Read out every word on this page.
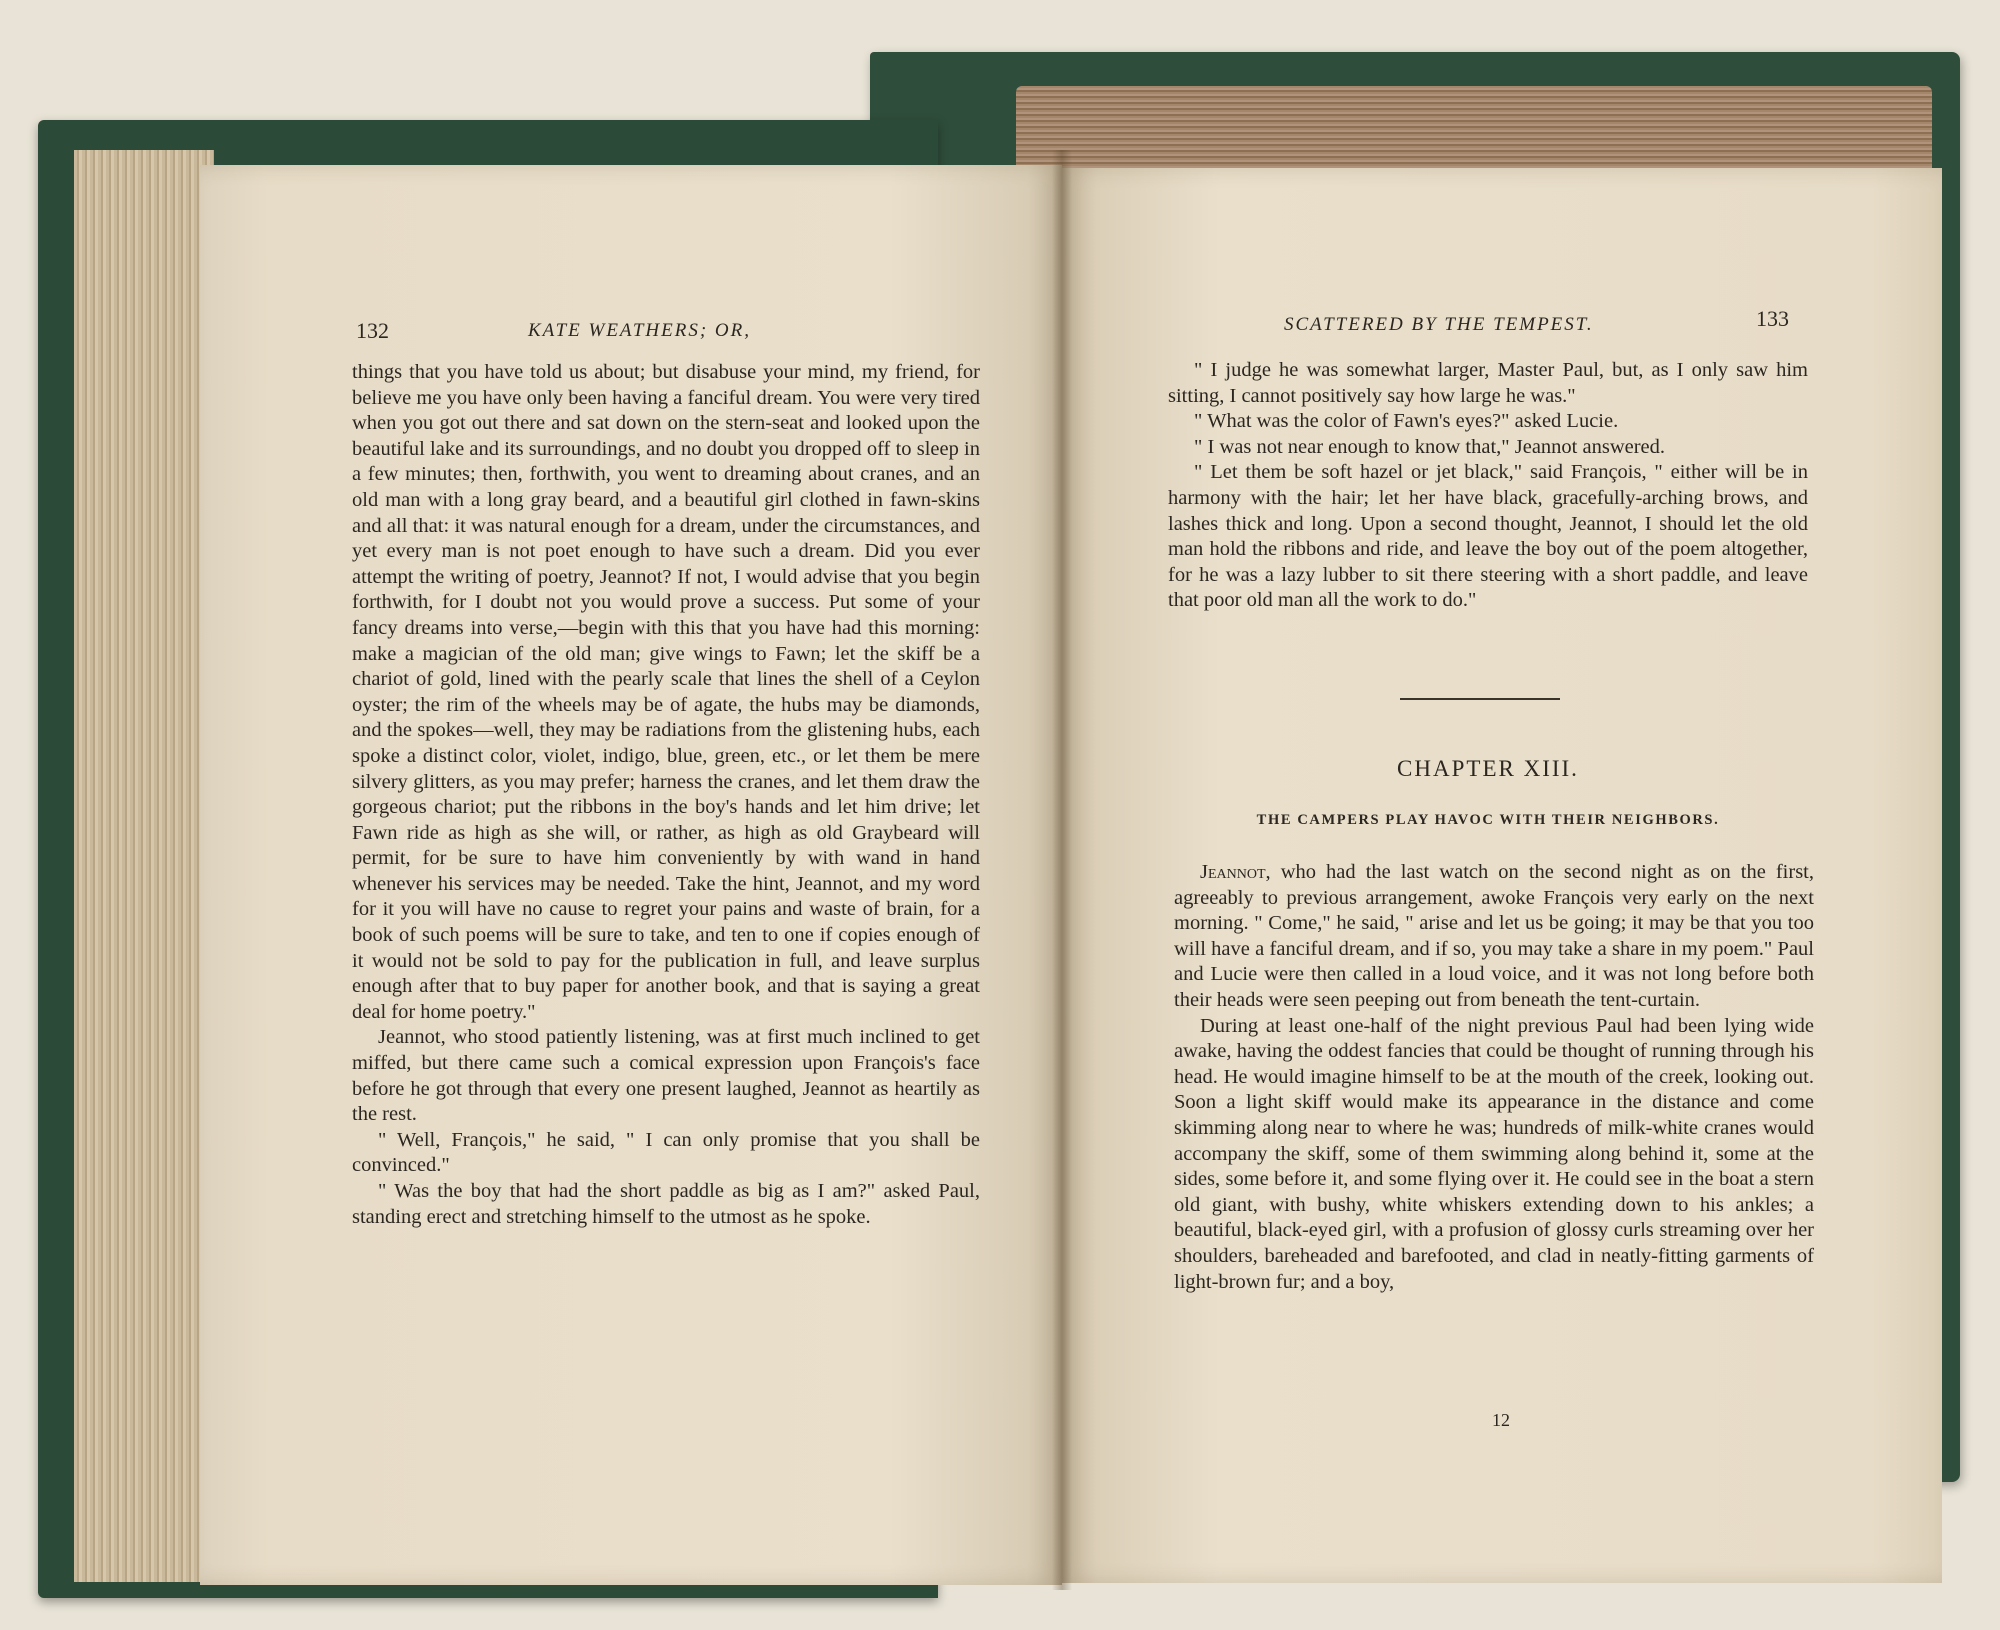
132	KATE WEATHERS; OR,

things that you have told us about; but disabuse your mind, my friend, for believe me you have only been having a fanciful dream. You were very tired when you got out there and sat down on the stern-seat and looked upon the beautiful lake and its surroundings, and no doubt you dropped off to sleep in a few minutes; then, forthwith, you went to dreaming about cranes, and an old man with a long gray beard, and a beautiful girl clothed in fawn-skins and all that: it was natural enough for a dream, under the circumstances, and yet every man is not poet enough to have such a dream. Did you ever attempt the writing of poetry, Jeannot? If not, I would advise that you begin forthwith, for I doubt not you would prove a success. Put some of your fancy dreams into verse,—begin with this that you have had this morning: make a magician of the old man; give wings to Fawn; let the skiff be a chariot of gold, lined with the pearly scale that lines the shell of a Ceylon oyster; the rim of the wheels may be of agate, the hubs may be diamonds, and the spokes—well, they may be radiations from the glistening hubs, each spoke a distinct color, violet, indigo, blue, green, etc., or let them be mere silvery glitters, as you may prefer; harness the cranes, and let them draw the gorgeous chariot; put the ribbons in the boy's hands and let him drive; let Fawn ride as high as she will, or rather, as high as old Graybeard will permit, for be sure to have him conveniently by with wand in hand whenever his services may be needed. Take the hint, Jeannot, and my word for it you will have no cause to regret your pains and waste of brain, for a book of such poems will be sure to take, and ten to one if copies enough of it would not be sold to pay for the publication in full, and leave surplus enough after that to buy paper for another book, and that is saying a great deal for home poetry."

Jeannot, who stood patiently listening, was at first much inclined to get miffed, but there came such a comical expression upon François's face before he got through that every one present laughed, Jeannot as heartily as the rest.

" Well, François," he said, " I can only promise that you shall be convinced."

" Was the boy that had the short paddle as big as I am?" asked Paul, standing erect and stretching himself to the utmost as he spoke.

SCATTERED BY THE TEMPEST.	133

" I judge he was somewhat larger, Master Paul, but, as I only saw him sitting, I cannot positively say how large he was."

" What was the color of Fawn's eyes?" asked Lucie.

" I was not near enough to know that," Jeannot answered.

" Let them be soft hazel or jet black," said François, " either will be in harmony with the hair; let her have black, gracefully-arching brows, and lashes thick and long. Upon a second thought, Jeannot, I should let the old man hold the ribbons and ride, and leave the boy out of the poem altogether, for he was a lazy lubber to sit there steering with a short paddle, and leave that poor old man all the work to do."

CHAPTER XIII.
THE CAMPERS PLAY HAVOC WITH THEIR NEIGHBORS.

Jeannot, who had the last watch on the second night as on the first, agreeably to previous arrangement, awoke François very early on the next morning. " Come," he said, " arise and let us be going; it may be that you too will have a fanciful dream, and if so, you may take a share in my poem." Paul and Lucie were then called in a loud voice, and it was not long before both their heads were seen peeping out from beneath the tent-curtain.

During at least one-half of the night previous Paul had been lying wide awake, having the oddest fancies that could be thought of running through his head. He would imagine himself to be at the mouth of the creek, looking out. Soon a light skiff would make its appearance in the distance and come skimming along near to where he was; hundreds of milk-white cranes would accompany the skiff, some of them swimming along behind it, some at the sides, some before it, and some flying over it. He could see in the boat a stern old giant, with bushy, white whiskers extending down to his ankles; a beautiful, black-eyed girl, with a profusion of glossy curls streaming over her shoulders, bareheaded and barefooted, and clad in neatly-fitting garments of light-brown fur; and a boy,

12
